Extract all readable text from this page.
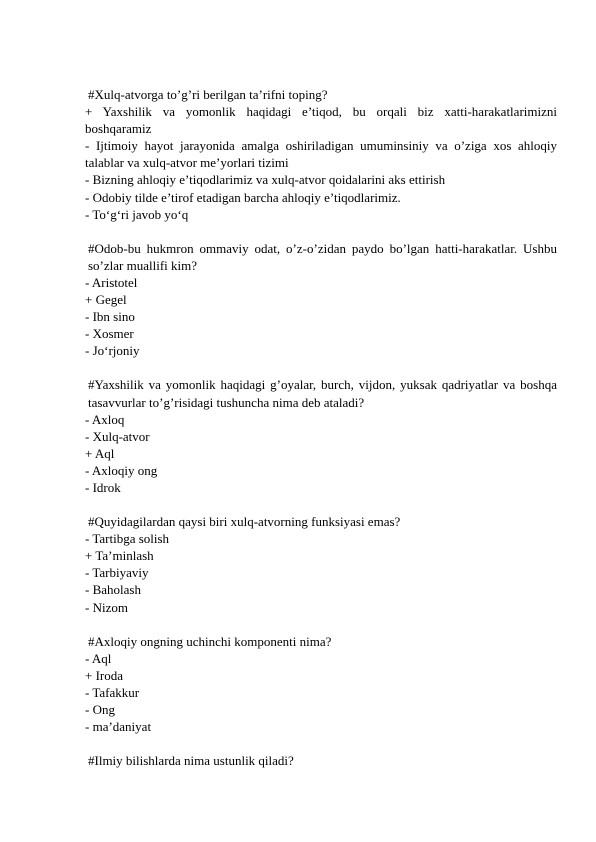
#Xulq-atvorga to’g’ri berilgan ta’rifni toping?
+ Yaxshilik va yomonlik haqidagi e’tiqod, bu orqali biz xatti-harakatlarimizni boshqaramiz
- Ijtimoiy hayot jarayonida amalga oshiriladigan umuminsiniy va o’ziga xos ahloqiy talablar va xulq-atvor me’yorlari tizimi
- Bizning ahloqiy e’tiqodlarimiz va xulq-atvor qoidalarini aks ettirish
- Odobiy tilde e’tirof etadigan barcha ahloqiy e’tiqodlarimiz.
- To‘g‘ri javob yo‘q
#Odob-bu hukmron ommaviy odat, o’z-o’zidan paydo bo’lgan hatti-harakatlar. Ushbu so’zlar muallifi kim?
- Aristotel
+ Gegel
- Ibn sino
- Xosmer
- Jo‘rjoniy
#Yaxshilik va yomonlik haqidagi g’oyalar, burch, vijdon, yuksak qadriyatlar va boshqa tasavvurlar to’g’risidagi tushuncha nima deb ataladi?
- Axloq
- Xulq-atvor
+ Aql
- Axloqiy ong
- Idrok
#Quyidagilardan qaysi biri xulq-atvorning funksiyasi emas?
- Tartibga solish
+ Ta’minlash
- Tarbiyaviy
- Baholash
- Nizom
#Axloqiy ongning uchinchi komponenti nima?
- Aql
+ Iroda
- Tafakkur
- Ong
- ma’daniyat
#Ilmiy bilishlarda nima ustunlik qiladi?
